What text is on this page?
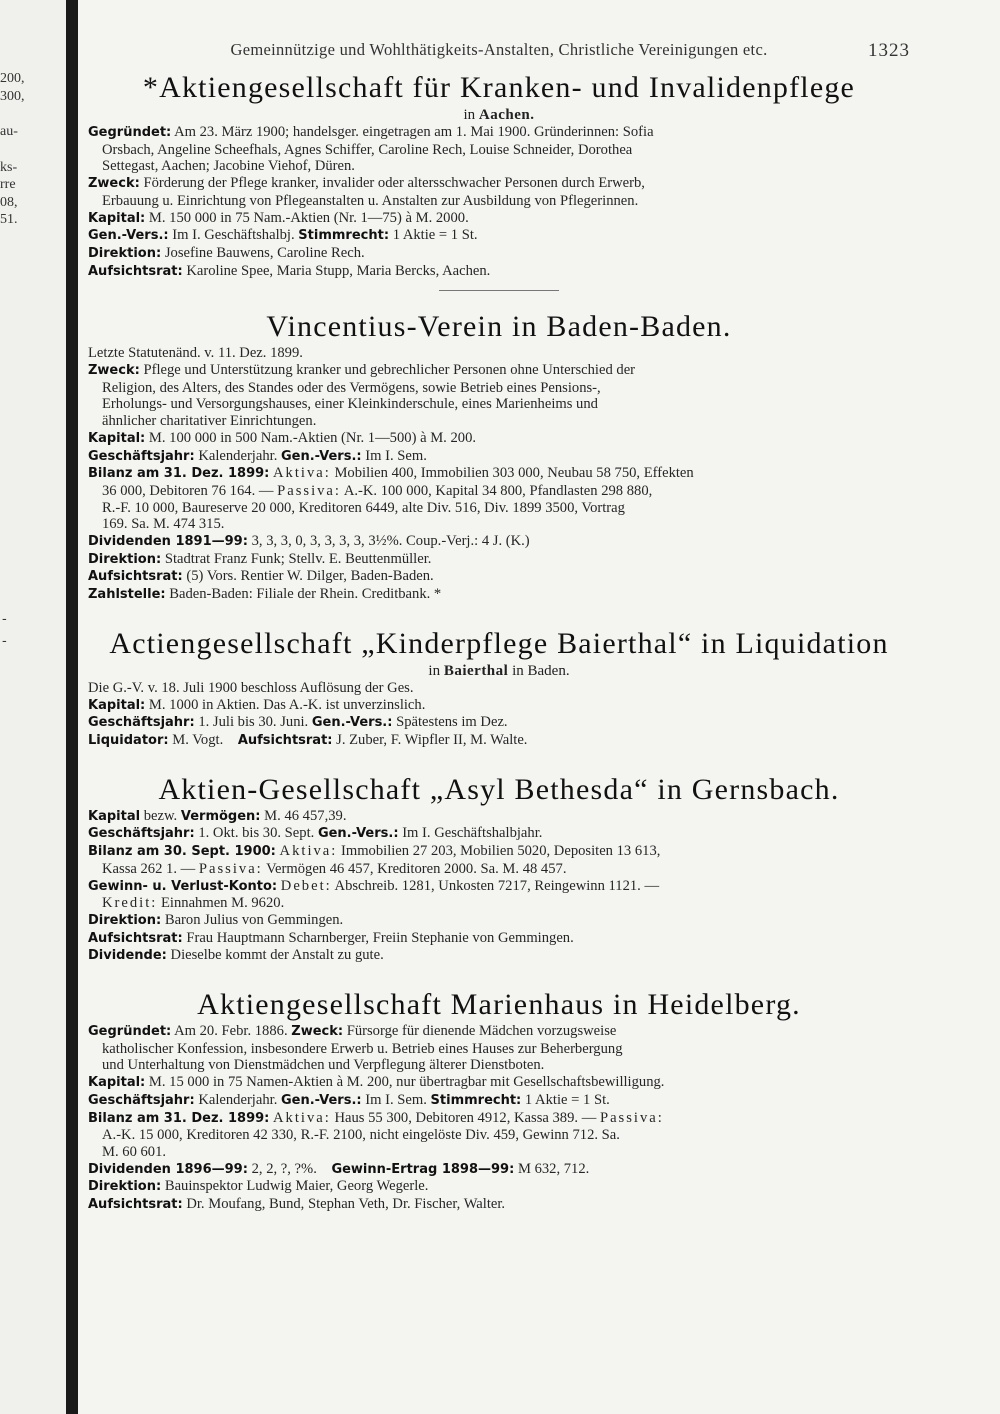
200,
300,
au-
ks-
rre
08,
51.
-
-
Gemeinnützige und Wohlthätigkeits-Anstalten, Christliche Vereinigungen etc.	1323
*Aktiengesellschaft für Kranken- und Invalidenpflege
in Aachen.
Gegründet: Am 23. März 1900; handelsger. eingetragen am 1. Mai 1900. Gründerinnen: Sofia
Orsbach, Angeline Scheefhals, Agnes Schiffer, Caroline Rech, Louise Schneider, Dorothea
Settegast, Aachen; Jacobine Viehof, Düren.
Zweck: Förderung der Pflege kranker, invalider oder altersschwacher Personen durch Erwerb,
Erbauung u. Einrichtung von Pflegeanstalten u. Anstalten zur Ausbildung von Pflegerinnen.
Kapital: M. 150 000 in 75 Nam.-Aktien (Nr. 1—75) à M. 2000.
Gen.-Vers.: Im I. Geschäftshalbj. Stimmrecht: 1 Aktie = 1 St.
Direktion: Josefine Bauwens, Caroline Rech.
Aufsichtsrat: Karoline Spee, Maria Stupp, Maria Bercks, Aachen.
Vincentius-Verein in Baden-Baden.
Letzte Statutenänd. v. 11. Dez. 1899.
Zweck: Pflege und Unterstützung kranker und gebrechlicher Personen ohne Unterschied der
Religion, des Alters, des Standes oder des Vermögens, sowie Betrieb eines Pensions-,
Erholungs- und Versorgungshauses, einer Kleinkinderschule, eines Marienheims und
ähnlicher charitativer Einrichtungen.
Kapital: M. 100 000 in 500 Nam.-Aktien (Nr. 1—500) à M. 200.
Geschäftsjahr: Kalenderjahr. Gen.-Vers.: Im I. Sem.
Bilanz am 31. Dez. 1899: Aktiva: Mobilien 400, Immobilien 303 000, Neubau 58 750, Effekten
36 000, Debitoren 76 164. — Passiva: A.-K. 100 000, Kapital 34 800, Pfandlasten 298 880,
R.-F. 10 000, Baureserve 20 000, Kreditoren 6449, alte Div. 516, Div. 1899 3500, Vortrag
169. Sa. M. 474 315.
Dividenden 1891—99: 3, 3, 3, 0, 3, 3, 3, 3, 3½%. Coup.-Verj.: 4 J. (K.)
Direktion: Stadtrat Franz Funk; Stellv. E. Beuttenmüller.
Aufsichtsrat: (5) Vors. Rentier W. Dilger, Baden-Baden.
Zahlstelle: Baden-Baden: Filiale der Rhein. Creditbank. *
Actiengesellschaft „Kinderpflege Baierthal“ in Liquidation
in Baierthal in Baden.
Die G.-V. v. 18. Juli 1900 beschloss Auflösung der Ges.
Kapital: M. 1000 in Aktien. Das A.-K. ist unverzinslich.
Geschäftsjahr: 1. Juli bis 30. Juni. Gen.-Vers.: Spätestens im Dez.
Liquidator: M. Vogt. Aufsichtsrat: J. Zuber, F. Wipfler II, M. Walte.
Aktien-Gesellschaft „Asyl Bethesda“ in Gernsbach.
Kapital bezw. Vermögen: M. 46 457,39.
Geschäftsjahr: 1. Okt. bis 30. Sept. Gen.-Vers.: Im I. Geschäftshalbjahr.
Bilanz am 30. Sept. 1900: Aktiva: Immobilien 27 203, Mobilien 5020, Depositen 13 613,
Kassa 262 1. — Passiva: Vermögen 46 457, Kreditoren 2000. Sa. M. 48 457.
Gewinn- u. Verlust-Konto: Debet: Abschreib. 1281, Unkosten 7217, Reingewinn 1121. —
Kredit: Einnahmen M. 9620.
Direktion: Baron Julius von Gemmingen.
Aufsichtsrat: Frau Hauptmann Scharnberger, Freiin Stephanie von Gemmingen.
Dividende: Dieselbe kommt der Anstalt zu gute.
Aktiengesellschaft Marienhaus in Heidelberg.
Gegründet: Am 20. Febr. 1886. Zweck: Fürsorge für dienende Mädchen vorzugsweise
katholischer Konfession, insbesondere Erwerb u. Betrieb eines Hauses zur Beherbergung
und Unterhaltung von Dienstmädchen und Verpflegung älterer Dienstboten.
Kapital: M. 15 000 in 75 Namen-Aktien à M. 200, nur übertragbar mit Gesellschaftsbewilligung.
Geschäftsjahr: Kalenderjahr. Gen.-Vers.: Im I. Sem. Stimmrecht: 1 Aktie = 1 St.
Bilanz am 31. Dez. 1899: Aktiva: Haus 55 300, Debitoren 4912, Kassa 389. — Passiva:
A.-K. 15 000, Kreditoren 42 330, R.-F. 2100, nicht eingelöste Div. 459, Gewinn 712. Sa.
M. 60 601.
Dividenden 1896—99: 2, 2, ?, ?%. Gewinn-Ertrag 1898—99: M 632, 712.
Direktion: Bauinspektor Ludwig Maier, Georg Wegerle.
Aufsichtsrat: Dr. Moufang, Bund, Stephan Veth, Dr. Fischer, Walter.
